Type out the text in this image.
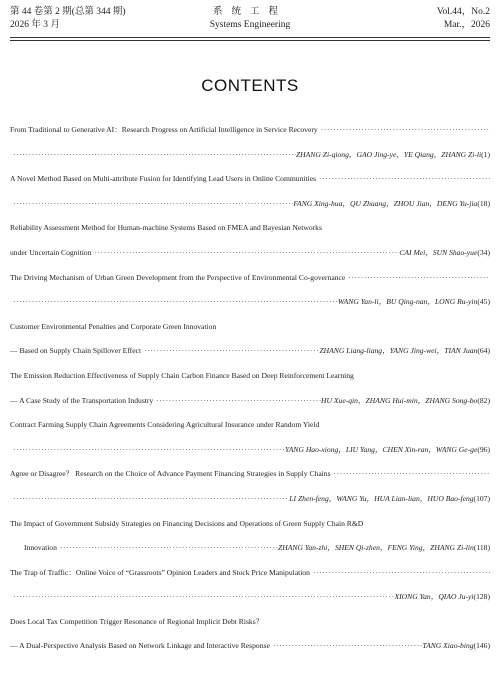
第 44 卷第 2 期(总第 344 期)
2026 年 3 月
系统工程
Systems Engineering
Vol.44，No.2
Mar.，2026
CONTENTS
From Traditional to Generative AI：Research Progress on Artificial Intelligence in Service Recovery
·····
·····
ZHANG Zi-qiong，GAO Jing-ye，YE Qiang，ZHANG Zi-li (1)
A Novel Method Based on Multi-attribute Fusion for Identifying Lead Users in Online Communities
·····
·····
FANG Xing-hua，QU Zhuang，ZHOU Jian，DENG Yu-jia (18)
Reliability Assessment Method for Human-machine Systems Based on FMEA and Bayesian Networks
under Uncertain Cognition ·····	CAI Mei，SUN Shao-yue (34)
The Driving Mechanism of Urban Green Development from the Perspective of Environmental Co-governance
·····
·····
WANG Yan-li，BU Qing-nan，LONG Ru-yin (45)
Customer Environmental Penalties and Corporate Green Innovation
— Based on Supply Chain Spillover Effect ·····	ZHANG Liang-liang，YANG Jing-wei，TIAN Juan (64)
The Emission Reduction Effectiveness of Supply Chain Carbon Finance Based on Deep Reinforcement Learning
— A Case Study of the Transportation Industry ·····	HU Xue-qin，ZHANG Hui-min，ZHANG Song-bo (82)
Contract Farming Supply Chain Agreements Considering Agricultural Insurance under Random Yield
·····
YANG Hao-xiong，LIU Yang，CHEN Xin-ran，WANG Ge-ge (96)
Agree or Disagree？ Research on the Choice of Advance Payment Financing Strategies in Supply Chains
·····
·····
LI Zhen-feng，WANG Yu，HUA Lian-lian，HUO Bao-feng (107)
The Impact of Government Subsidy Strategies on Financing Decisions and Operations of Green Supply Chain R&D
Innovation ·····	ZHANG Yan-zhi，SHEN Qi-zhen，FENG Ying，ZHANG Zi-lin (118)
The Trap of Traffic：Online Voice of “Grassroots” Opinion Leaders and Stock Price Manipulation
·····
·····
XIONG Yan，QIAO Ju-yi (128)
Does Local Tax Competition Trigger Resonance of Regional Implicit Debt Risks？
— A Dual-Perspective Analysis Based on Network Linkage and Interactive Response ·····	TANG Xiao-bing (146)
